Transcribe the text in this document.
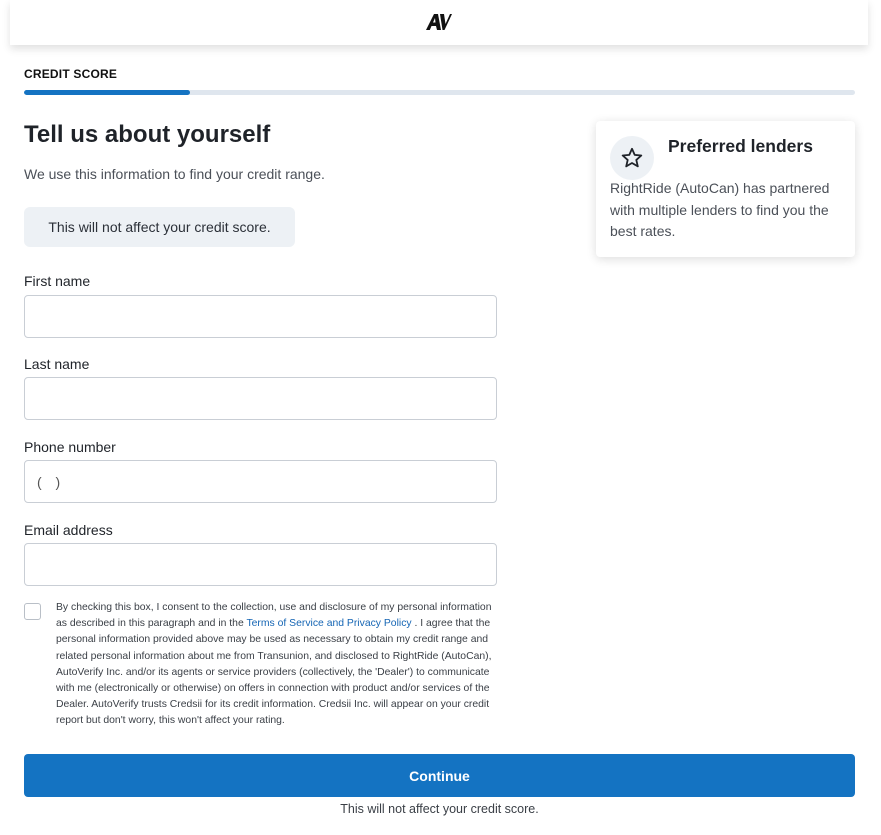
CREDIT SCORE
Tell us about yourself

We use this information to find your credit range.

This will not affect your credit score.
First name
Last name
Phone number
( )
Email address

By checking this box, I consent to the collection, use and disclosure of my personal information as described in this paragraph and in the Terms of Service and Privacy Policy . I agree that the personal information provided above may be used as necessary to obtain my credit range and related personal information about me from Transunion, and disclosed to RightRide (AutoCan), AutoVerify Inc. and/or its agents or service providers (collectively, the 'Dealer') to communicate with me (electronically or otherwise) on offers in connection with product and/or services of the Dealer. AutoVerify trusts Credsii for its credit information. Credsii Inc. will appear on your credit report but don't worry, this won't affect your rating.

Continue
This will not affect your credit score.
Preferred lenders

RightRide (AutoCan) has partnered with multiple lenders to find you the best rates.
